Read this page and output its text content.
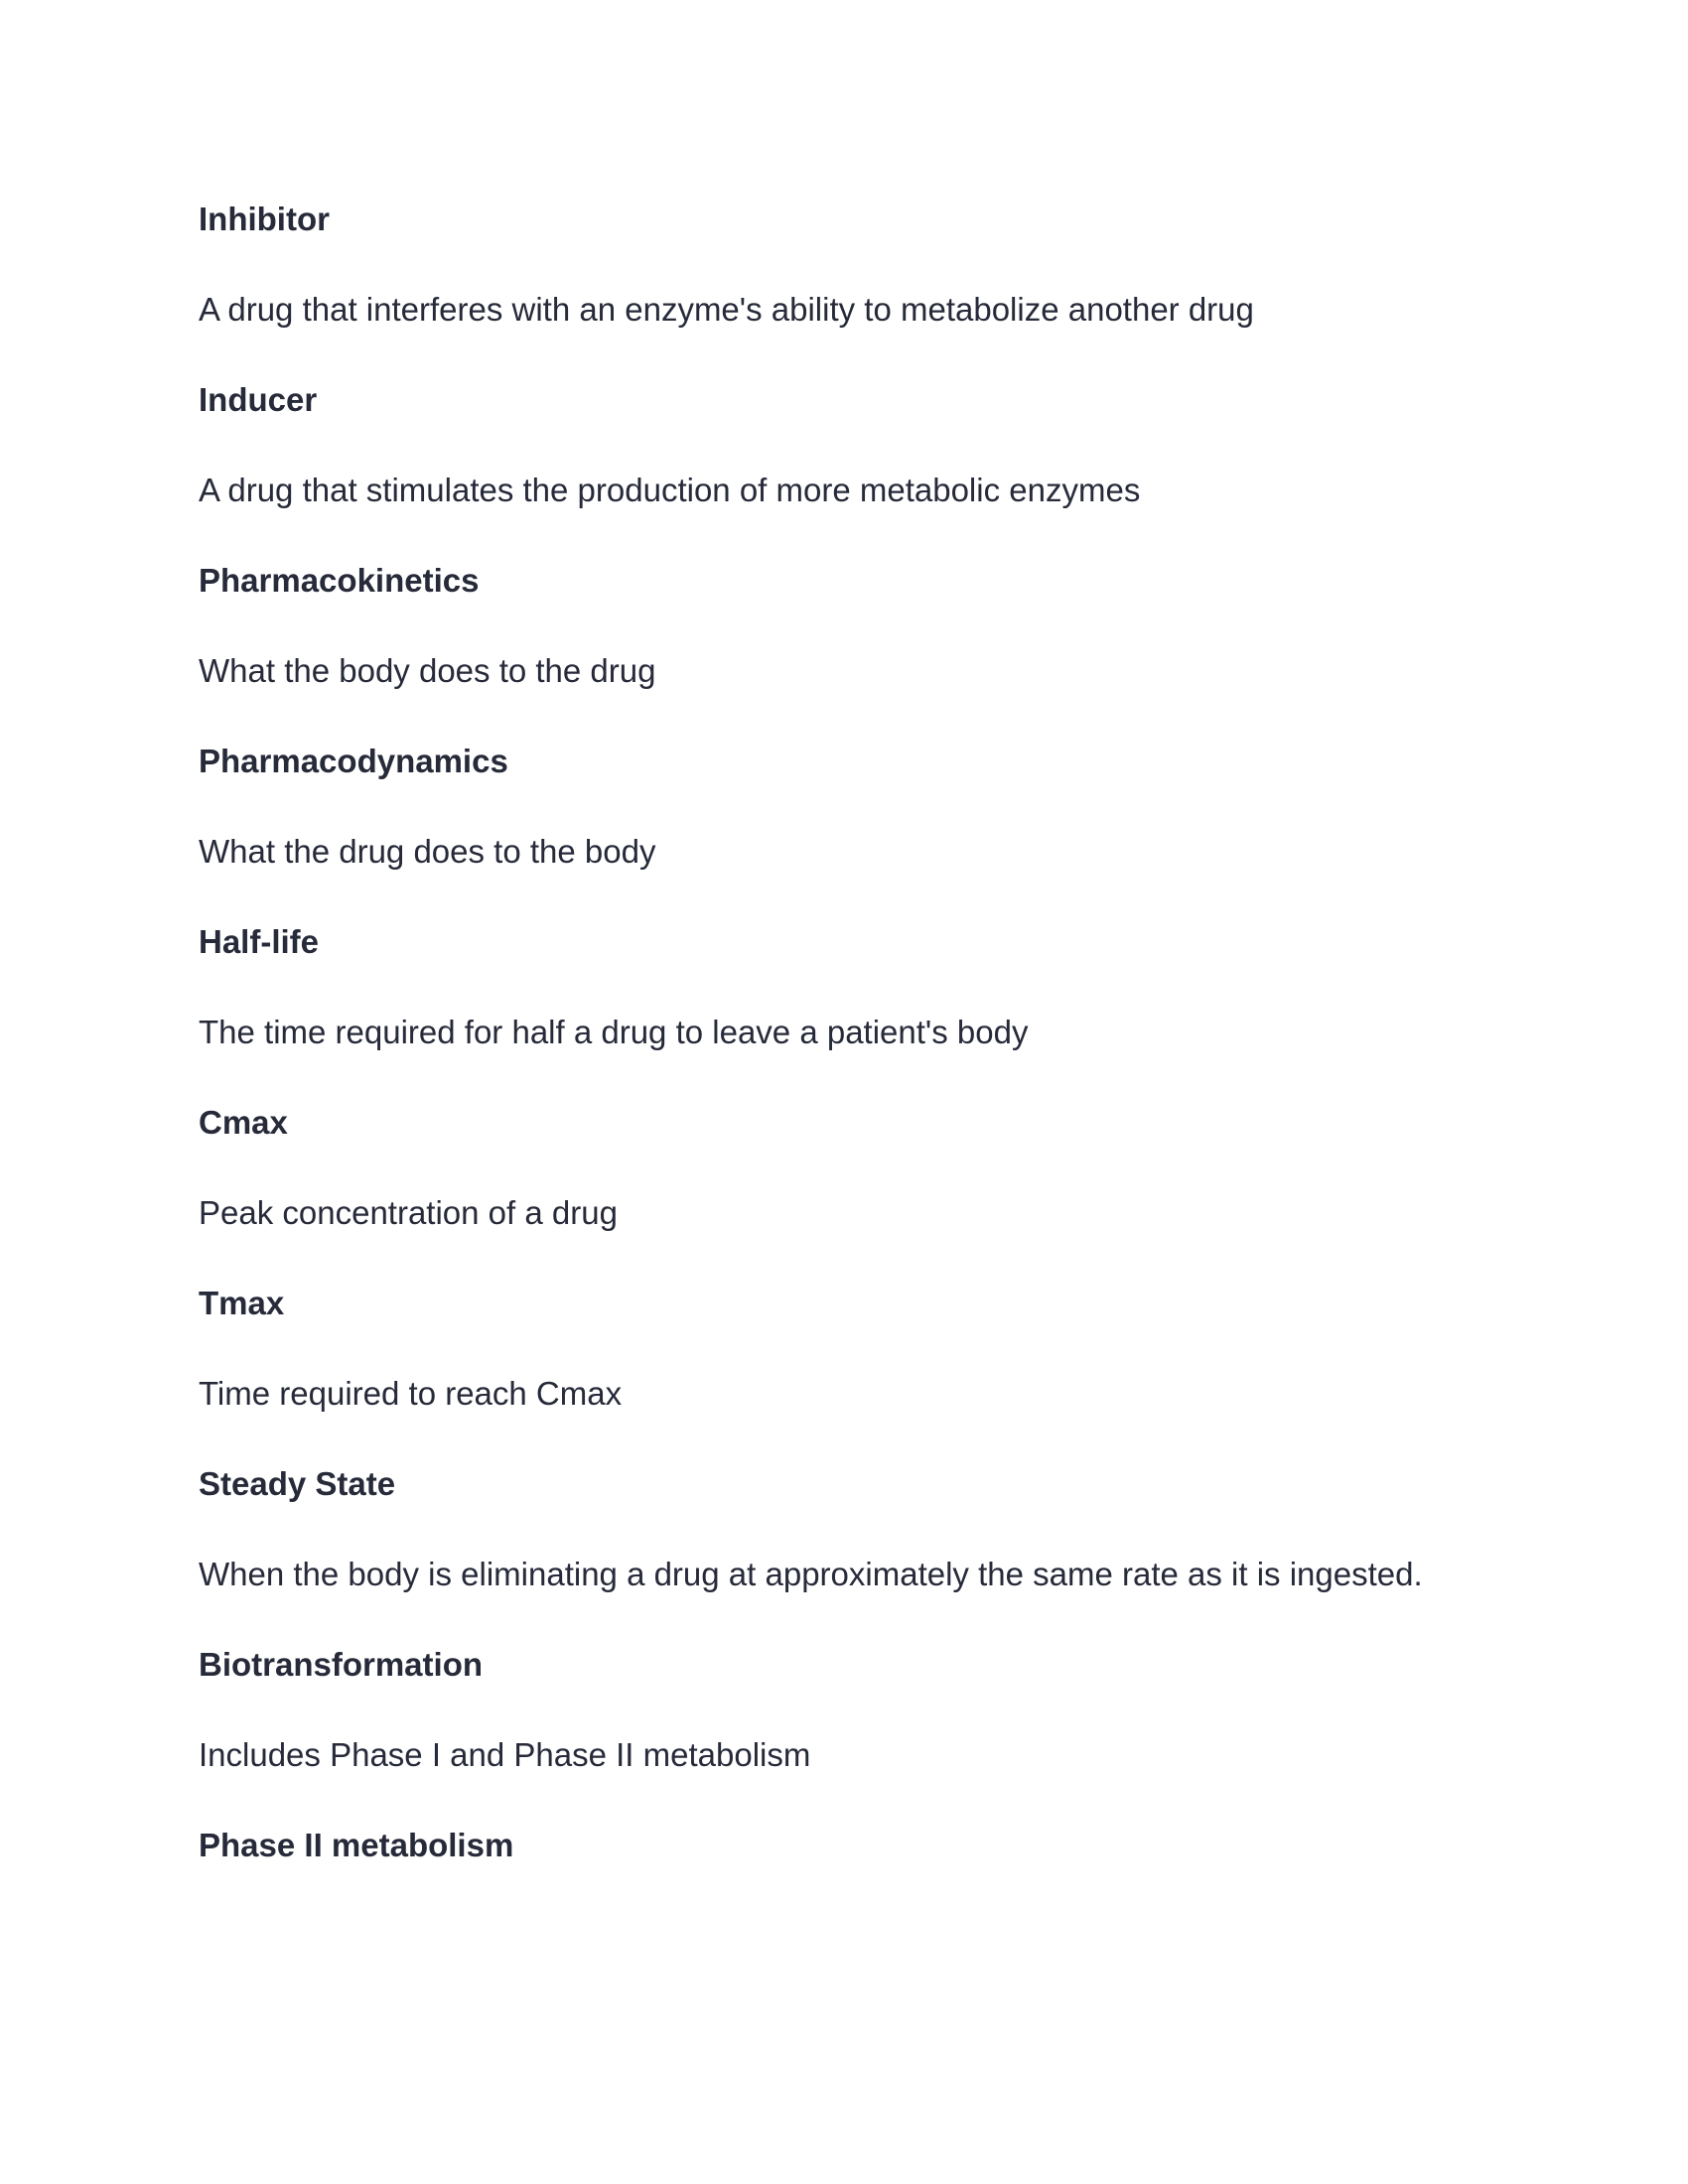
Inhibitor
A drug that interferes with an enzyme's ability to metabolize another drug
Inducer
A drug that stimulates the production of more metabolic enzymes
Pharmacokinetics
What the body does to the drug
Pharmacodynamics
What the drug does to the body
Half-life
The time required for half a drug to leave a patient's body
Cmax
Peak concentration of a drug
Tmax
Time required to reach Cmax
Steady State
When the body is eliminating a drug at approximately the same rate as it is ingested.
Biotransformation
Includes Phase I and Phase II metabolism
Phase II metabolism
